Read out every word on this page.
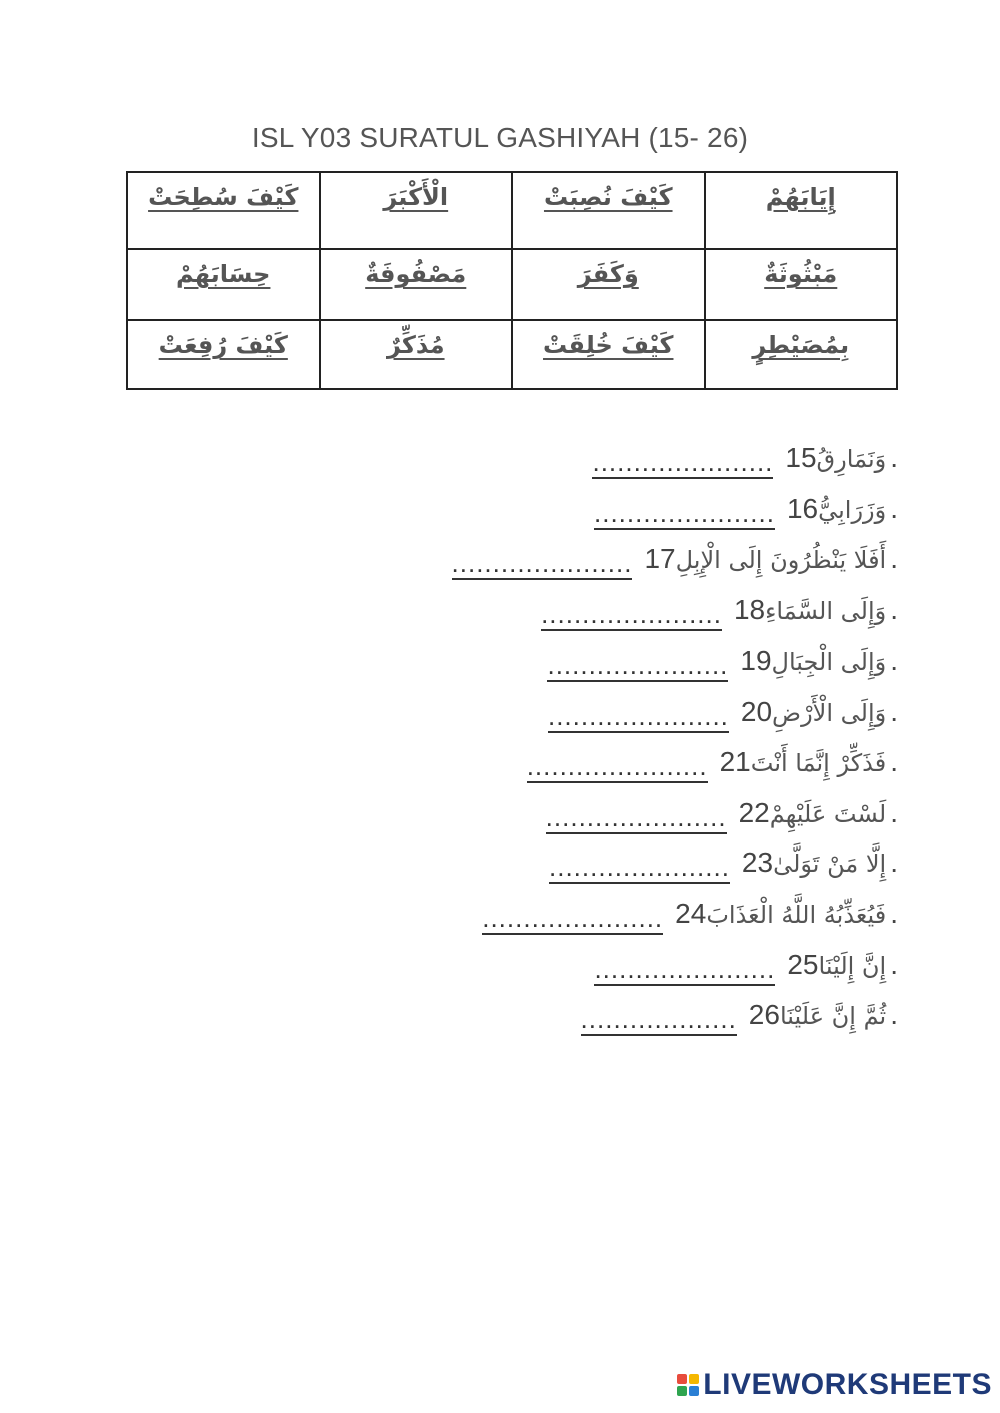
ISL Y03 SURATUL GASHIYAH (15- 26)
كَيْفَ سُطِحَتْ	الْأَكْبَرَ	كَيْفَ نُصِبَتْ	إِيَابَهُمْ
حِسَابَهُمْ	مَصْفُوفَةٌ	وَكَفَرَ	مَبْثُوثَةٌ
كَيْفَ رُفِعَتْ	مُذَكِّرٌ	كَيْفَ خُلِقَتْ	بِمُصَيْطِرٍ
...................... وَنَمَارِقُ15.
...................... وَزَرَابِيُّ16.
...................... أَفَلَا يَنْظُرُونَ إِلَى الْإِبِلِ17.
...................... وَإِلَى السَّمَاءِ18.
...................... وَإِلَى الْجِبَالِ19.
...................... وَإِلَى الْأَرْضِ20.
...................... فَذَكِّرْ إِنَّمَا أَنْتَ21.
...................... لَسْتَ عَلَيْهِمْ22.
...................... إِلَّا مَنْ تَوَلَّىٰ23.
...................... فَيُعَذِّبُهُ اللَّهُ الْعَذَابَ24.
...................... إِنَّ إِلَيْنَا25.
................... ثُمَّ إِنَّ عَلَيْنَا26.
LIVEWORKSHEETS
